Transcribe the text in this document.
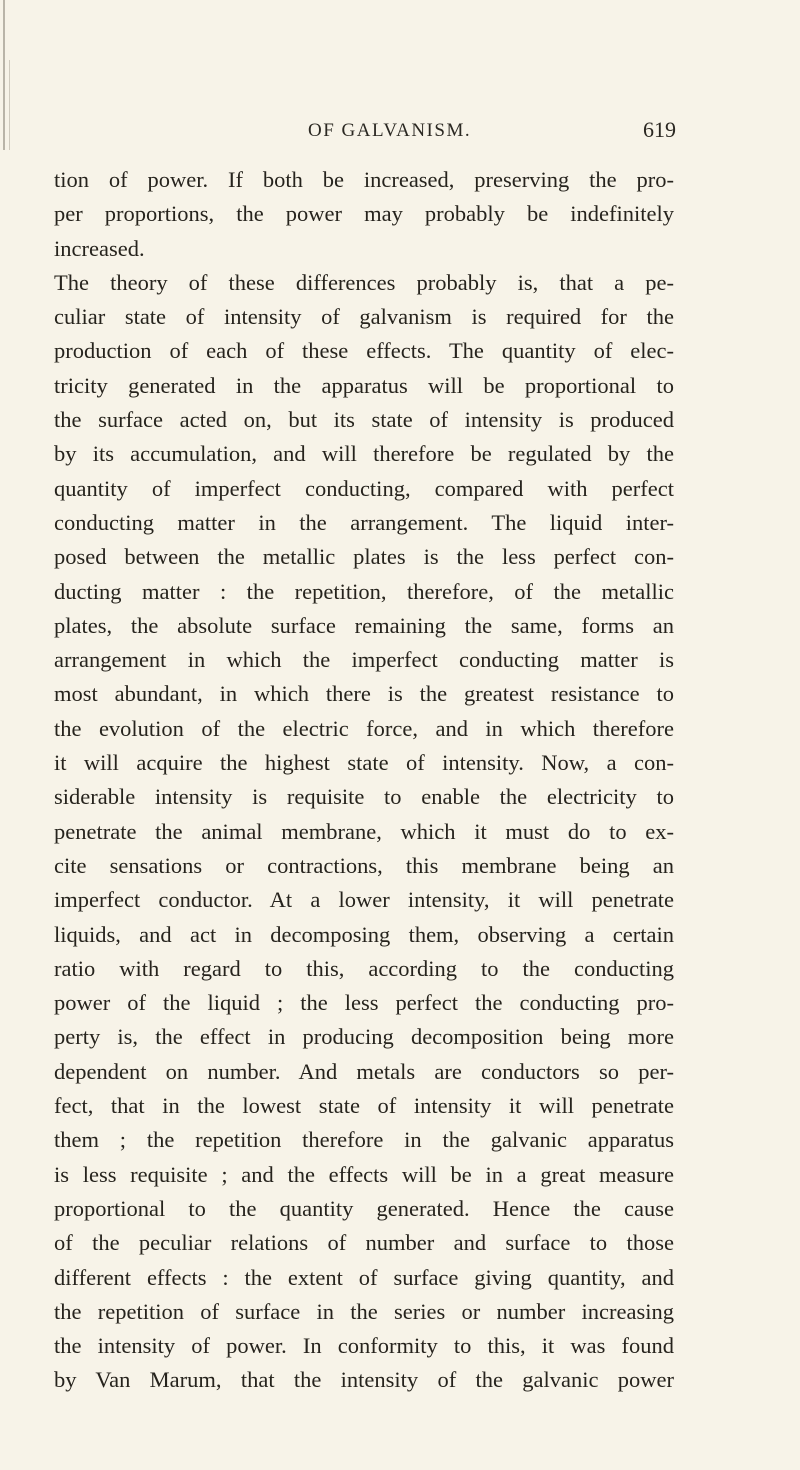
OF GALVANISM.	619
tion of power. If both be increased, preserving the pro-
per proportions, the power may probably be indefinitely
increased.
The theory of these differences probably is, that a pe-
culiar state of intensity of galvanism is required for the
production of each of these effects. The quantity of elec-
tricity generated in the apparatus will be proportional to
the surface acted on, but its state of intensity is produced
by its accumulation, and will therefore be regulated by the
quantity of imperfect conducting, compared with perfect
conducting matter in the arrangement. The liquid inter-
posed between the metallic plates is the less perfect con-
ducting matter : the repetition, therefore, of the metallic
plates, the absolute surface remaining the same, forms an
arrangement in which the imperfect conducting matter is
most abundant, in which there is the greatest resistance to
the evolution of the electric force, and in which therefore
it will acquire the highest state of intensity. Now, a con-
siderable intensity is requisite to enable the electricity to
penetrate the animal membrane, which it must do to ex-
cite sensations or contractions, this membrane being an
imperfect conductor. At a lower intensity, it will penetrate
liquids, and act in decomposing them, observing a certain
ratio with regard to this, according to the conducting
power of the liquid ; the less perfect the conducting pro-
perty is, the effect in producing decomposition being more
dependent on number. And metals are conductors so per-
fect, that in the lowest state of intensity it will penetrate
them ; the repetition therefore in the galvanic apparatus
is less requisite ; and the effects will be in a great measure
proportional to the quantity generated. Hence the cause
of the peculiar relations of number and surface to those
different effects : the extent of surface giving quantity, and
the repetition of surface in the series or number increasing
the intensity of power. In conformity to this, it was found
by Van Marum, that the intensity of the galvanic power
